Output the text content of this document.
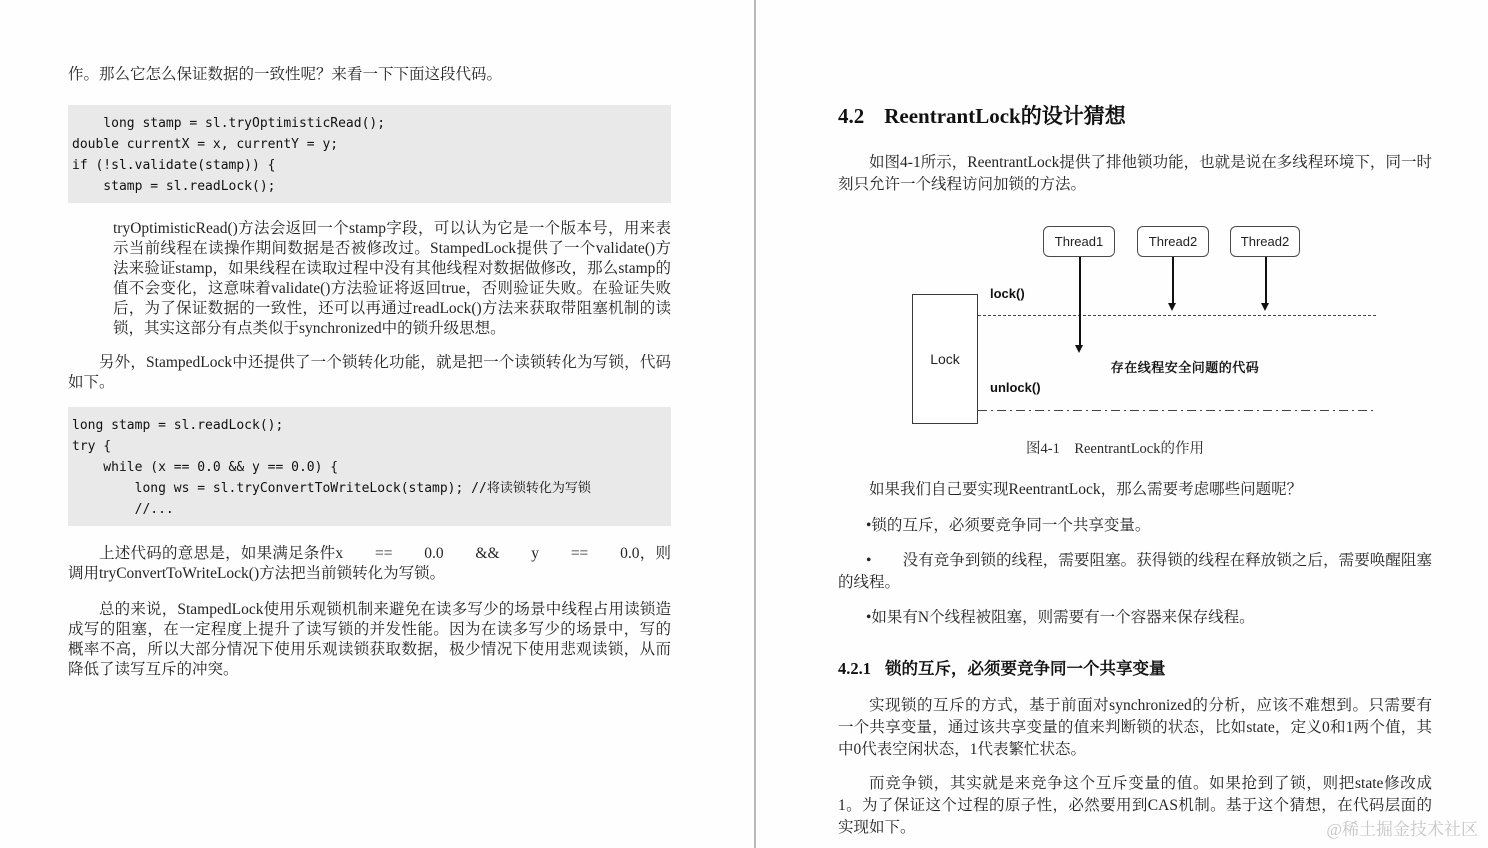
作。那么它怎么保证数据的一致性呢？来看一下下面这段代码。
long stamp = sl.tryOptimisticRead();
double currentX = x, currentY = y;
if (!sl.validate(stamp)) {
stamp = sl.readLock();
tryOptimisticRead()方法会返回一个stamp字段，可以认为它是一个版本号，用来表示当前线程在读操作期间数据是否被修改过。StampedLock提供了一个validate()方法来验证stamp，如果线程在读取过程中没有其他线程对数据做修改，那么stamp的值不会变化，这意味着validate()方法验证将返回true，否则验证失败。在验证失败后，为了保证数据的一致性，还可以再通过readLock()方法来获取带阻塞机制的读锁，其实这部分有点类似于synchronized中的锁升级思想。
另外，StampedLock中还提供了一个锁转化功能，就是把一个读锁转化为写锁，代码如下。
long stamp = sl.readLock();
try {
while (x == 0.0 && y == 0.0) {
long ws = sl.tryConvertToWriteLock(stamp); //将读锁转化为写锁
//...
上述代码的意思是，如果满足条件x　　==　　0.0　　&&　　y　　==　　0.0，则调用tryConvertToWriteLock()方法把当前锁转化为写锁。
总的来说，StampedLock使用乐观锁机制来避免在读多写少的场景中线程占用读锁造成写的阻塞，在一定程度上提升了读写锁的并发性能。因为在读多写少的场景中，写的概率不高，所以大部分情况下使用乐观读锁获取数据，极少情况下使用悲观读锁，从而降低了读写互斥的冲突。
4.2 ReentrantLock的设计猜想
如图4-1所示，ReentrantLock提供了排他锁功能，也就是说在多线程环境下，同一时刻只允许一个线程访问加锁的方法。
Thread1	Thread2	Thread2
Lock
lock()
unlock()
存在线程安全问题的代码
图4-1　ReentrantLock的作用
如果我们自己要实现ReentrantLock，那么需要考虑哪些问题呢？
•锁的互斥，必须要竞争同一个共享变量。
•　　没有竞争到锁的线程，需要阻塞。获得锁的线程在释放锁之后，需要唤醒阻塞的线程。
•如果有N个线程被阻塞，则需要有一个容器来保存线程。
4.2.1 锁的互斥，必须要竞争同一个共享变量
实现锁的互斥的方式，基于前面对synchronized的分析，应该不难想到。只需要有一个共享变量，通过该共享变量的值来判断锁的状态，比如state，定义0和1两个值，其中0代表空闲状态，1代表繁忙状态。
而竞争锁，其实就是来竞争这个互斥变量的值。如果抢到了锁，则把state修改成1。为了保证这个过程的原子性，必然要用到CAS机制。基于这个猜想，在代码层面的实现如下。	@稀土掘金技术社区
